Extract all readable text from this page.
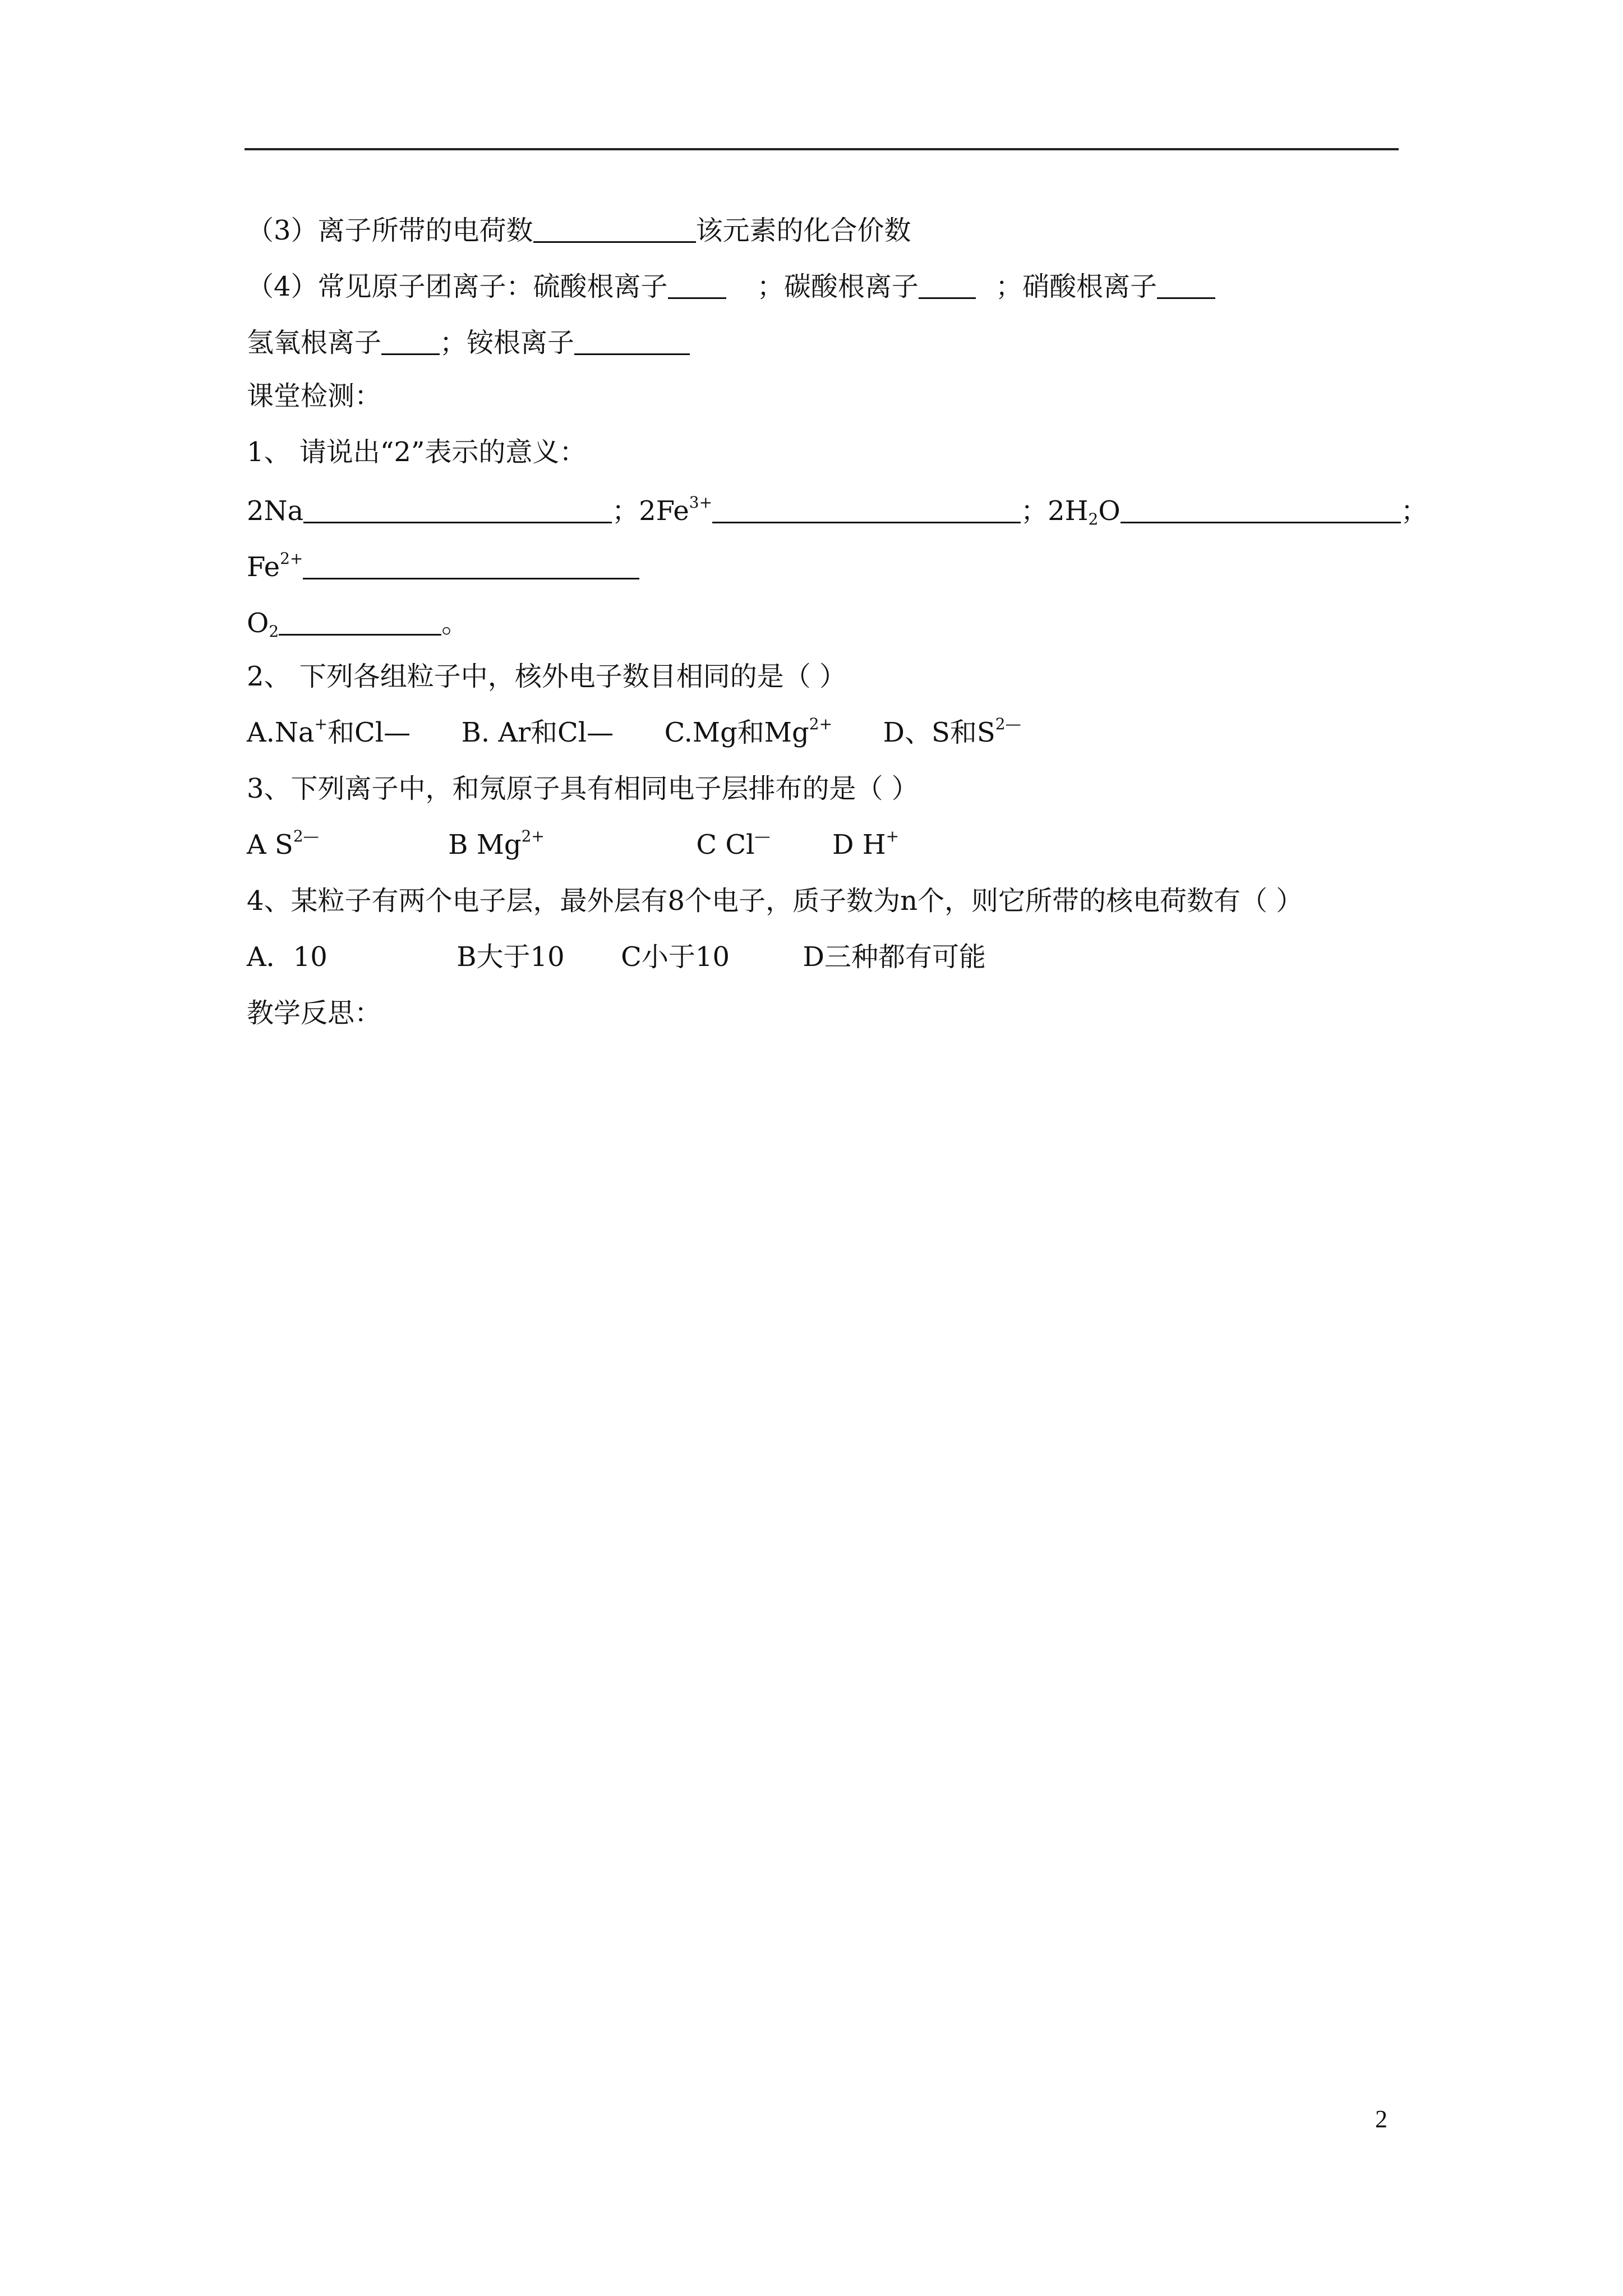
（3）离子所带的电荷数	该元素的化合价数
（4）常见原子团离子：硫酸根离子	；碳酸根离子	；硝酸根离子
氢氧根离子 ；铵根离子
课堂检测：
1、 请说出“2”表示的意义：
2Na	；$2Fe^{3+}$	；$2H_2O$	；
$Fe^{2+}$
$O_2$	。
2、 下列各组粒子中，核外电子数目相同的是（ ）
A.Na+和Cl— B. Ar和Cl— C.Mg和$Mg^{2+}$ D、S和$S^{2—}$
3、下列离子中，和氖原子具有相同电子层排布的是（ ）
A $S^{2—}$	B $Mg^{2+}$	C Cl— D H+
4、某粒子有两个电子层，最外层有8个电子，质子数为n个，则它所带的核电荷数有（ ）
A．10	B大于10 C小于10	D三种都有可能
教学反思：
2
